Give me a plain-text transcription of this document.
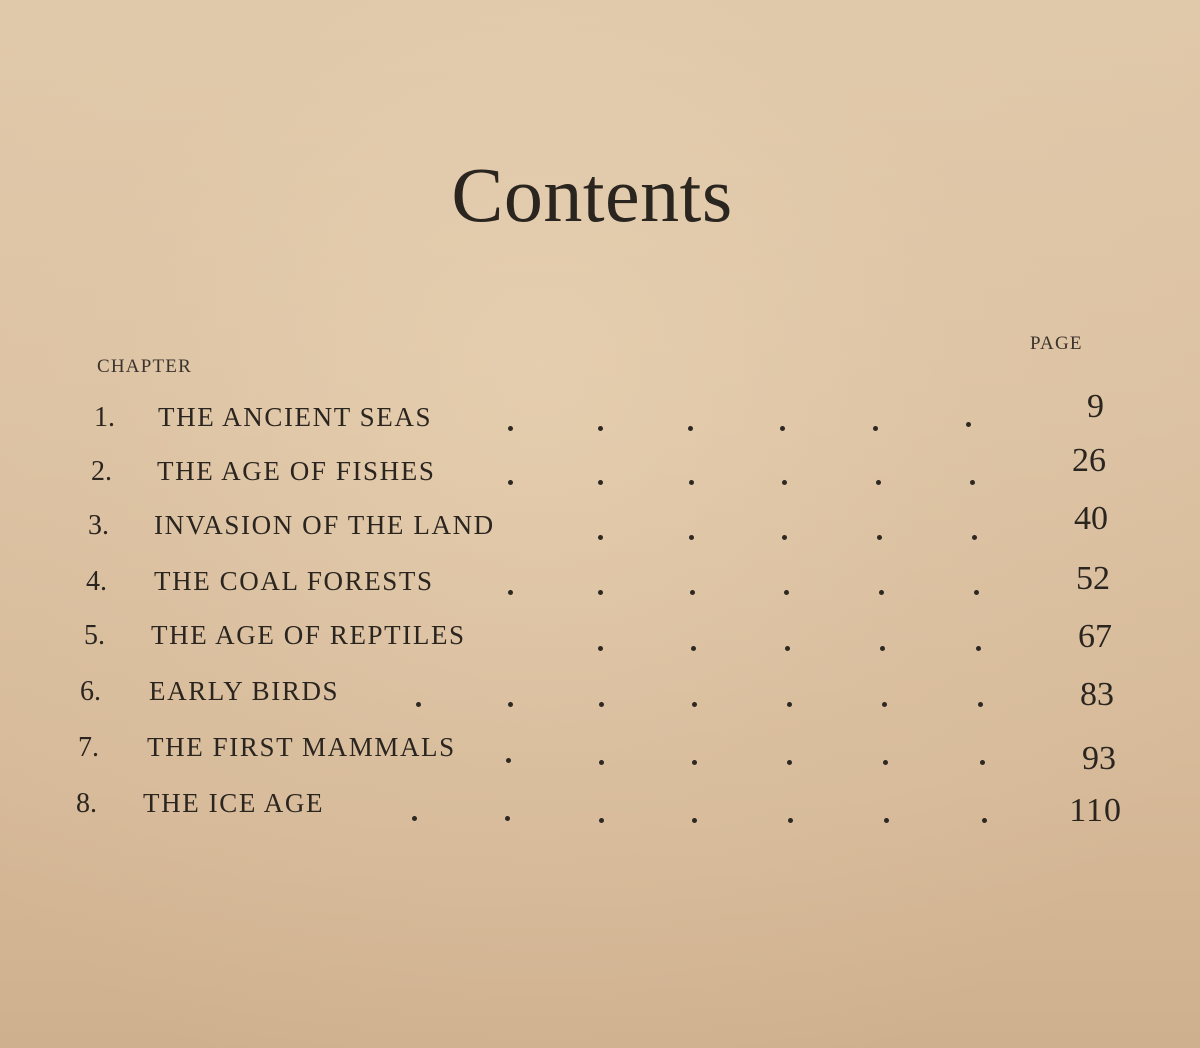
Contents
CHAPTER
PAGE
1. THE ANCIENT SEAS	9
2. THE AGE OF FISHES	26
3. INVASION OF THE LAND	40
4. THE COAL FORESTS	52
5. THE AGE OF REPTILES	67
6. EARLY BIRDS	83
7. THE FIRST MAMMALS	93
8. THE ICE AGE	110
